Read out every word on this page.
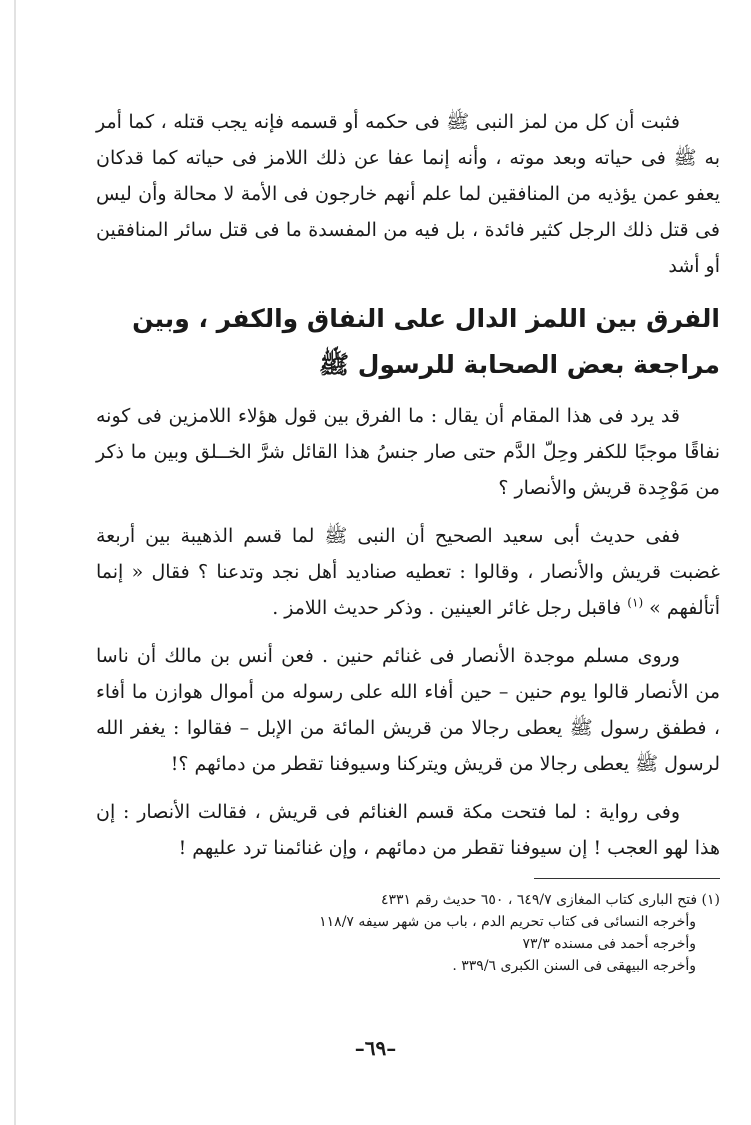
فثبت أن كل من لمز النبى ﷺ فى حكمه أو قسمه فإنه يجب قتله ، كما أمر به ﷺ فى حياته وبعد موته ، وأنه إنما عفا عن ذلك اللامز فى حياته كما قدكان يعفو عمن يؤذيه من المنافقين لما علم أنهم خارجون فى الأمة لا محالة وأن ليس فى قتل ذلك الرجل كثير فائدة ، بل فيه من المفسدة ما فى قتل سائر المنافقين أو أشد

الفرق بين اللمز الدال على النفاق والكفر ، وبين مراجعة بعض الصحابة للرسول ﷺ

قد يرد فى هذا المقام أن يقال : ما الفرق بين قول هؤلاء اللامزين فى كونه نفاقًا موجبًا للكفر وحِلّ الدَّم حتى صار جنسُ هذا القائل شرَّ الخــلق وبين ما ذكر من مَوْجِدة قريش والأنصار ؟

ففى حديث أبى سعيد الصحيح أن النبى ﷺ لما قسم الذهيبة بين أربعة غضبت قريش والأنصار ، وقالوا : تعطيه صناديد أهل نجد وتدعنا ؟ فقال « إنما أتألفهم » $^{(١)}$ فاقبل رجل غائر العينين . وذكر حديث اللامز .

وروى مسلم موجدة الأنصار فى غنائم حنين . فعن أنس بن مالك أن ناسا من الأنصار قالوا يوم حنين – حين أفاء الله على رسوله من أموال هوازن ما أفاء ، فطفق رسول ﷺ يعطى رجالا من قريش المائة من الإبل – فقالوا : يغفر الله لرسول ﷺ يعطى رجالا من قريش ويتركنا وسيوفنا تقطر من دمائهم ؟!

وفى رواية : لما فتحت مكة قسم الغنائم فى قريش ، فقالت الأنصار : إن هذا لهو العجب ! إن سيوفنا تقطر من دمائهم ، وإن غنائمنا ترد عليهم !

(١) فتح البارى كتاب المغازى ٦٤٩/٧ ، ٦٥٠ حديث رقم ٤٣٣١

وأخرجه النسائى فى كتاب تحريم الدم ، باب من شهر سيفه ١١٨/٧

وأخرجه أحمد فى مسنده ٧٣/٣

وأخرجه البيهقى فى السنن الكبرى ٣٣٩/٦ .

–٦٩–
